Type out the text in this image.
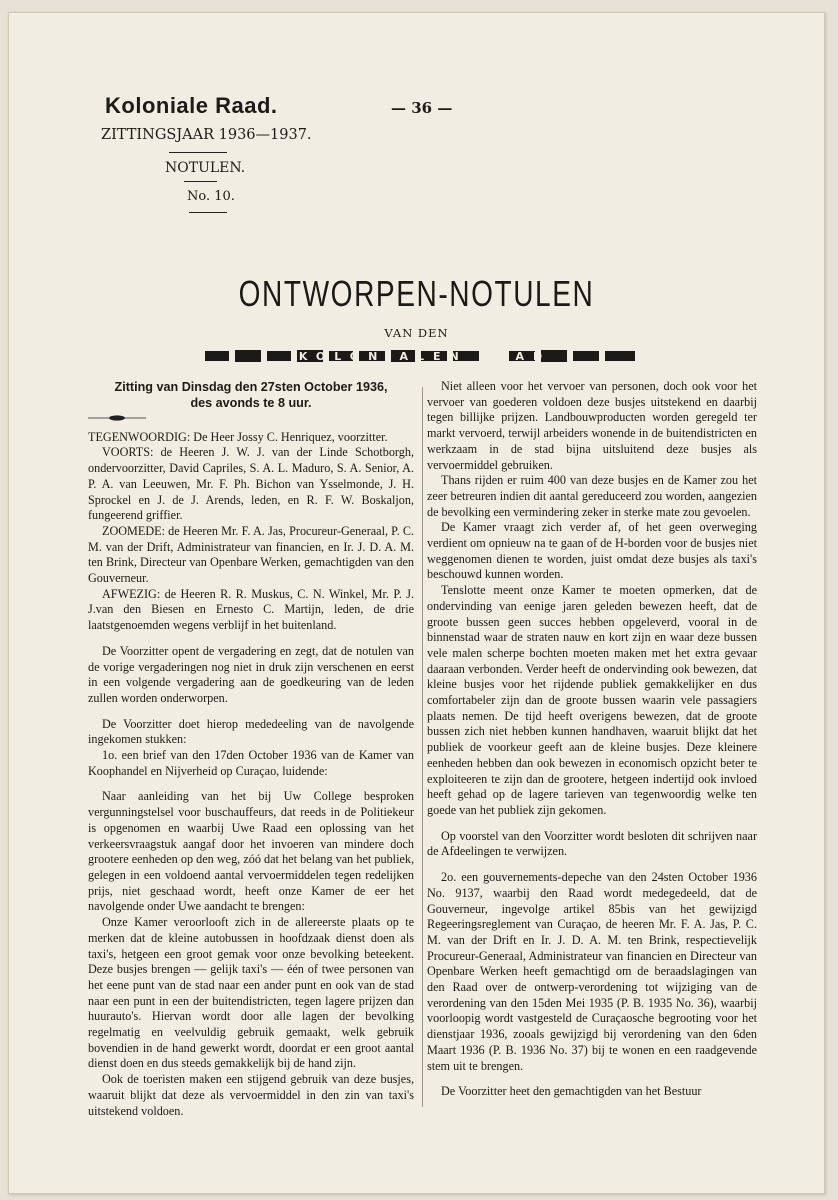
Koloniale Raad.
ZITTINGSJAAR 1936—1937.
— 36 —
NOTULEN.
No. 10.
ONTWORPEN-NOTULEN
VAN DEN
KOLONIALEN RAAD
Zitting van Dinsdag den 27sten October 1936,
des avonds te 8 uur.

TEGENWOORDIG: De Heer Jossy C. Henriquez, voorzitter.

VOORTS: de Heeren J. W. J. van der Linde Schotborgh, ondervoorzitter, David Capriles, S. A. L. Maduro, S. A. Senior, A. P. A. van Leeuwen, Mr. F. Ph. Bichon van Ysselmonde, J. H. Sprockel en J. de J. Arends, leden, en R. F. W. Boskaljon, fungeerend griffier.

ZOOMEDE: de Heeren Mr. F. A. Jas, Procureur-Generaal, P. C. M. van der Drift, Administrateur van financien, en Ir. J. D. A. M. ten Brink, Directeur van Openbare Werken, gemachtigden van den Gouverneur.

AFWEZIG: de Heeren R. R. Muskus, C. N. Winkel, Mr. P. J. J.van den Biesen en Ernesto C. Martijn, leden, de drie laatstgenoemden wegens verblijf in het buitenland.

De Voorzitter opent de vergadering en zegt, dat de notulen van de vorige vergaderingen nog niet in druk zijn verschenen en eerst in een volgende vergadering aan de goedkeuring van de leden zullen worden onderworpen.

De Voorzitter doet hierop mededeeling van de navolgende ingekomen stukken:

1o. een brief van den 17den October 1936 van de Kamer van Koophandel en Nijverheid op Curaçao, luidende:

Naar aanleiding van het bij Uw College besproken vergunningstelsel voor buschauffeurs, dat reeds in de Politiekeur is opgenomen en waarbij Uwe Raad een oplossing van het verkeersvraagstuk aangaf door het invoeren van mindere doch grootere eenheden op den weg, zóó dat het belang van het publiek, gelegen in een voldoend aantal vervoermiddelen tegen redelijken prijs, niet geschaad wordt, heeft onze Kamer de eer het navolgende onder Uwe aandacht te brengen:

Onze Kamer veroorlooft zich in de allereerste plaats op te merken dat de kleine autobussen in hoofdzaak dienst doen als taxi's, hetgeen een groot gemak voor onze bevolking beteekent. Deze busjes brengen — gelijk taxi's — één of twee personen van het eene punt van de stad naar een ander punt en ook van de stad naar een punt in een der buitendistricten, tegen lagere prijzen dan huurauto's. Hiervan wordt door alle lagen der bevolking regelmatig en veelvuldig gebruik gemaakt, welk gebruik bovendien in de hand gewerkt wordt, doordat er een groot aantal dienst doen en dus steeds gemakkelijk bij de hand zijn.

Ook de toeristen maken een stijgend gebruik van deze busjes, waaruit blijkt dat deze als vervoermiddel in den zin van taxi's uitstekend voldoen.

Niet alleen voor het vervoer van personen, doch ook voor het vervoer van goederen voldoen deze busjes uitstekend en daarbij tegen billijke prijzen. Landbouwproducten worden geregeld ter markt vervoerd, terwijl arbeiders wonende in de buitendistricten en werkzaam in de stad bijna uitsluitend deze busjes als vervoermiddel gebruiken.

Thans rijden er ruim 400 van deze busjes en de Kamer zou het zeer betreuren indien dit aantal gereduceerd zou worden, aangezien de bevolking een vermindering zeker in sterke mate zou gevoelen.

De Kamer vraagt zich verder af, of het geen overweging verdient om opnieuw na te gaan of de H-borden voor de busjes niet weggenomen dienen te worden, juist omdat deze busjes als taxi's beschouwd kunnen worden.

Tenslotte meent onze Kamer te moeten opmerken, dat de ondervinding van eenige jaren geleden bewezen heeft, dat de groote bussen geen succes hebben opgeleverd, vooral in de binnenstad waar de straten nauw en kort zijn en waar deze bussen vele malen scherpe bochten moeten maken met het extra gevaar daaraan verbonden. Verder heeft de ondervinding ook bewezen, dat kleine busjes voor het rijdende publiek gemakkelijker en dus comfortabeler zijn dan de groote bussen waarin vele passagiers plaats nemen. De tijd heeft overigens bewezen, dat de groote bussen zich niet hebben kunnen handhaven, waaruit blijkt dat het publiek de voorkeur geeft aan de kleine busjes. Deze kleinere eenheden hebben dan ook bewezen in economisch opzicht beter te exploiteeren te zijn dan de grootere, hetgeen indertijd ook invloed heeft gehad op de lagere tarieven van tegenwoordig welke ten goede van het publiek zijn gekomen.

Op voorstel van den Voorzitter wordt besloten dit schrijven naar de Afdeelingen te verwijzen.

2o. een gouvernements-depeche van den 24sten October 1936 No. 9137, waarbij den Raad wordt medegedeeld, dat de Gouverneur, ingevolge artikel 85bis van het gewijzigd Regeeringsreglement van Curaçao, de heeren Mr. F. A. Jas, P. C. M. van der Drift en Ir. J. D. A. M. ten Brink, respectievelijk Procureur-Generaal, Administrateur van financien en Directeur van Openbare Werken heeft gemachtigd om de beraadslagingen van den Raad over de ontwerp-verordening tot wijziging van de verordening van den 15den Mei 1935 (P. B. 1935 No. 36), waarbij voorloopig wordt vastgesteld de Curaçaosche begrooting voor het dienstjaar 1936, zooals gewijzigd bij verordening van den 6den Maart 1936 (P. B. 1936 No. 37) bij te wonen en een raadgevende stem uit te brengen.

De Voorzitter heet den gemachtigden van het Bestuur
